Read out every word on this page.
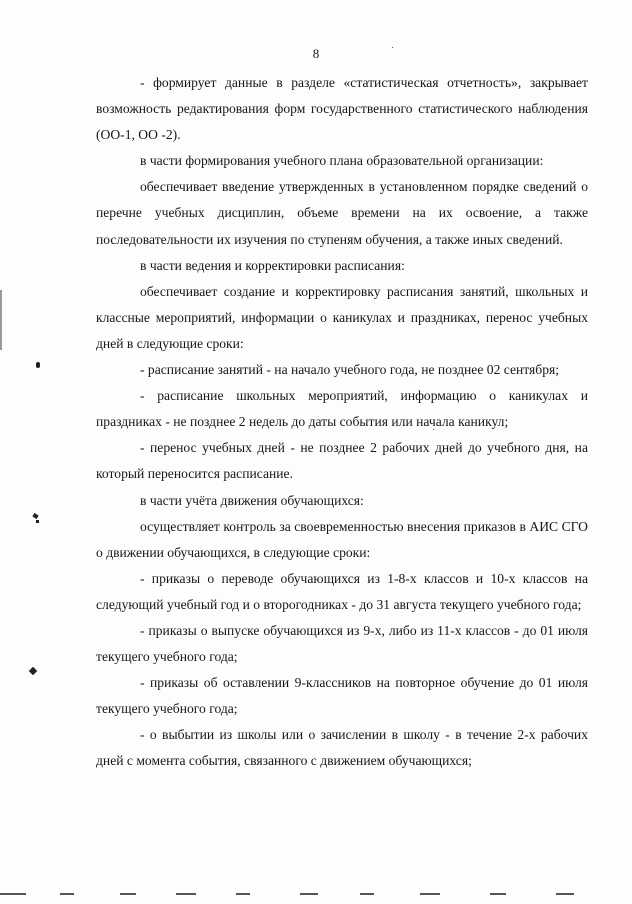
8

- формирует данные в разделе «статистическая отчетность», закрывает возможность редактирования форм государственного статистического наблюдения (ОО-1, ОО -2).

в части формирования учебного плана образовательной организации:

обеспечивает введение утвержденных в установленном порядке сведений о перечне учебных дисциплин, объеме времени на их освоение, а также последовательности их изучения по ступеням обучения, а также иных сведений.

в части ведения и корректировки расписания:

обеспечивает создание и корректировку расписания занятий, школьных и классные мероприятий, информации о каникулах и праздниках, перенос учебных дней в следующие сроки:

- расписание занятий - на начало учебного года, не позднее 02 сентября;

- расписание школьных мероприятий, информацию о каникулах и праздниках - не позднее 2 недель до даты события или начала каникул;

- перенос учебных дней - не позднее 2 рабочих дней до учебного дня, на который переносится расписание.

в части учёта движения обучающихся:

осуществляет контроль за своевременностью внесения приказов в АИС СГО о движении обучающихся, в следующие сроки:

- приказы о переводе обучающихся из 1-8-х классов и 10-х классов на следующий учебный год и о второгодниках - до 31 августа текущего учебного года;

- приказы о выпуске обучающихся из 9-х, либо из 11-х классов - до 01 июля текущего учебного года;

- приказы об оставлении 9-классников на повторное обучение до 01 июля текущего учебного года;

- о выбытии из школы или о зачислении в школу - в течение 2-х рабочих дней с момента события, связанного с движением обучающихся;
